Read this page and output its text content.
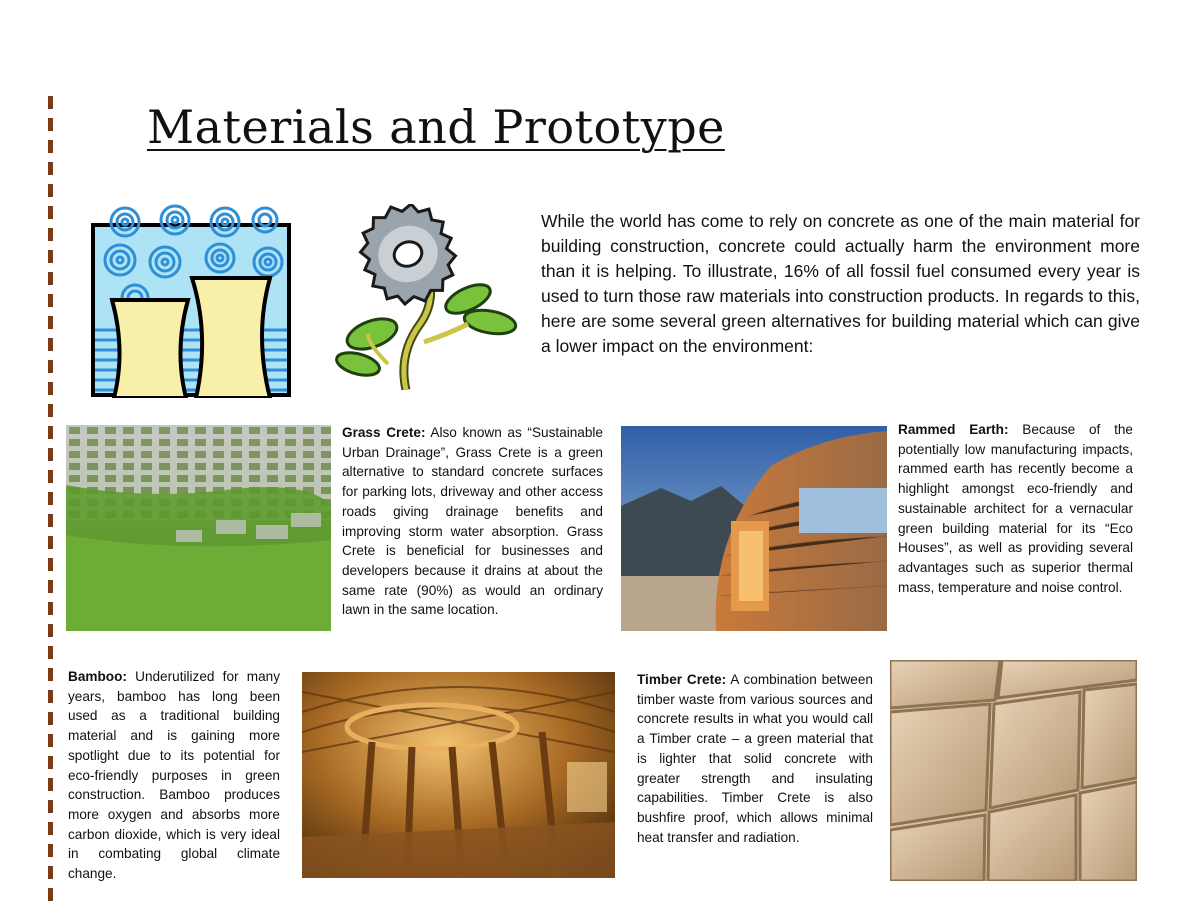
Materials and Prototype
While the world has come to rely on concrete as one of the main material for building construction, concrete could actually harm the environment more than it is helping. To illustrate, 16% of all fossil fuel consumed every year is used to turn those raw materials into construction products. In regards to this, here are some several green alternatives for building material which can give a lower impact on the environment:
Grass Crete: Also known as “Sustainable Urban Drainage”, Grass Crete is a green alternative to standard concrete surfaces for parking lots, driveway and other access roads giving drainage benefits and improving storm water absorption. Grass Crete is beneficial for businesses and developers because it drains at about the same rate (90%) as would an ordinary lawn in the same location.
Rammed Earth: Because of the potentially low manufacturing impacts, rammed earth has recently become a highlight amongst eco-friendly and sustainable architect for a vernacular green building material for its “Eco Houses”, as well as providing several advantages such as superior thermal mass, temperature and noise control.
Bamboo: Underutilized for many years, bamboo has long been used as a traditional building material and is gaining more spotlight due to its potential for eco-friendly purposes in green construction. Bamboo produces more oxygen and absorbs more carbon dioxide, which is very ideal in combating global climate change.
Timber Crete: A combination between timber waste from various sources and concrete results in what you would call a Timber crate – a green material that is lighter that solid concrete with greater strength and insulating capabilities. Timber Crete is also bushfire proof, which allows minimal heat transfer and radiation.
